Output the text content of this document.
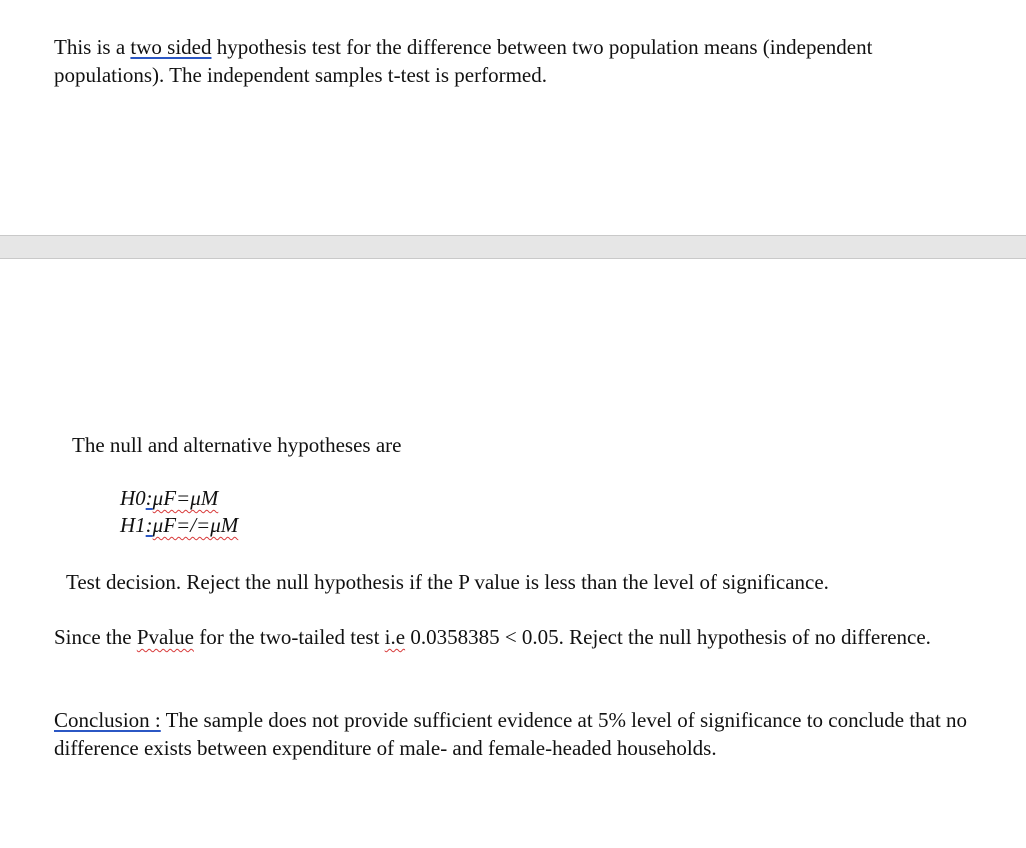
This is a two sided hypothesis test for the difference between two population means (independent populations). The independent samples t-test is performed.

The null and alternative hypotheses are

H0:μF=μM
H1:μF=/=μM

Test decision. Reject the null hypothesis if the P value is less than the level of significance.

Since the Pvalue for the two-tailed test i.e 0.0358385 < 0.05. Reject the null hypothesis of no difference.

Conclusion : The sample does not provide sufficient evidence at 5% level of significance to conclude that no difference exists between expenditure of male- and female-headed households.
